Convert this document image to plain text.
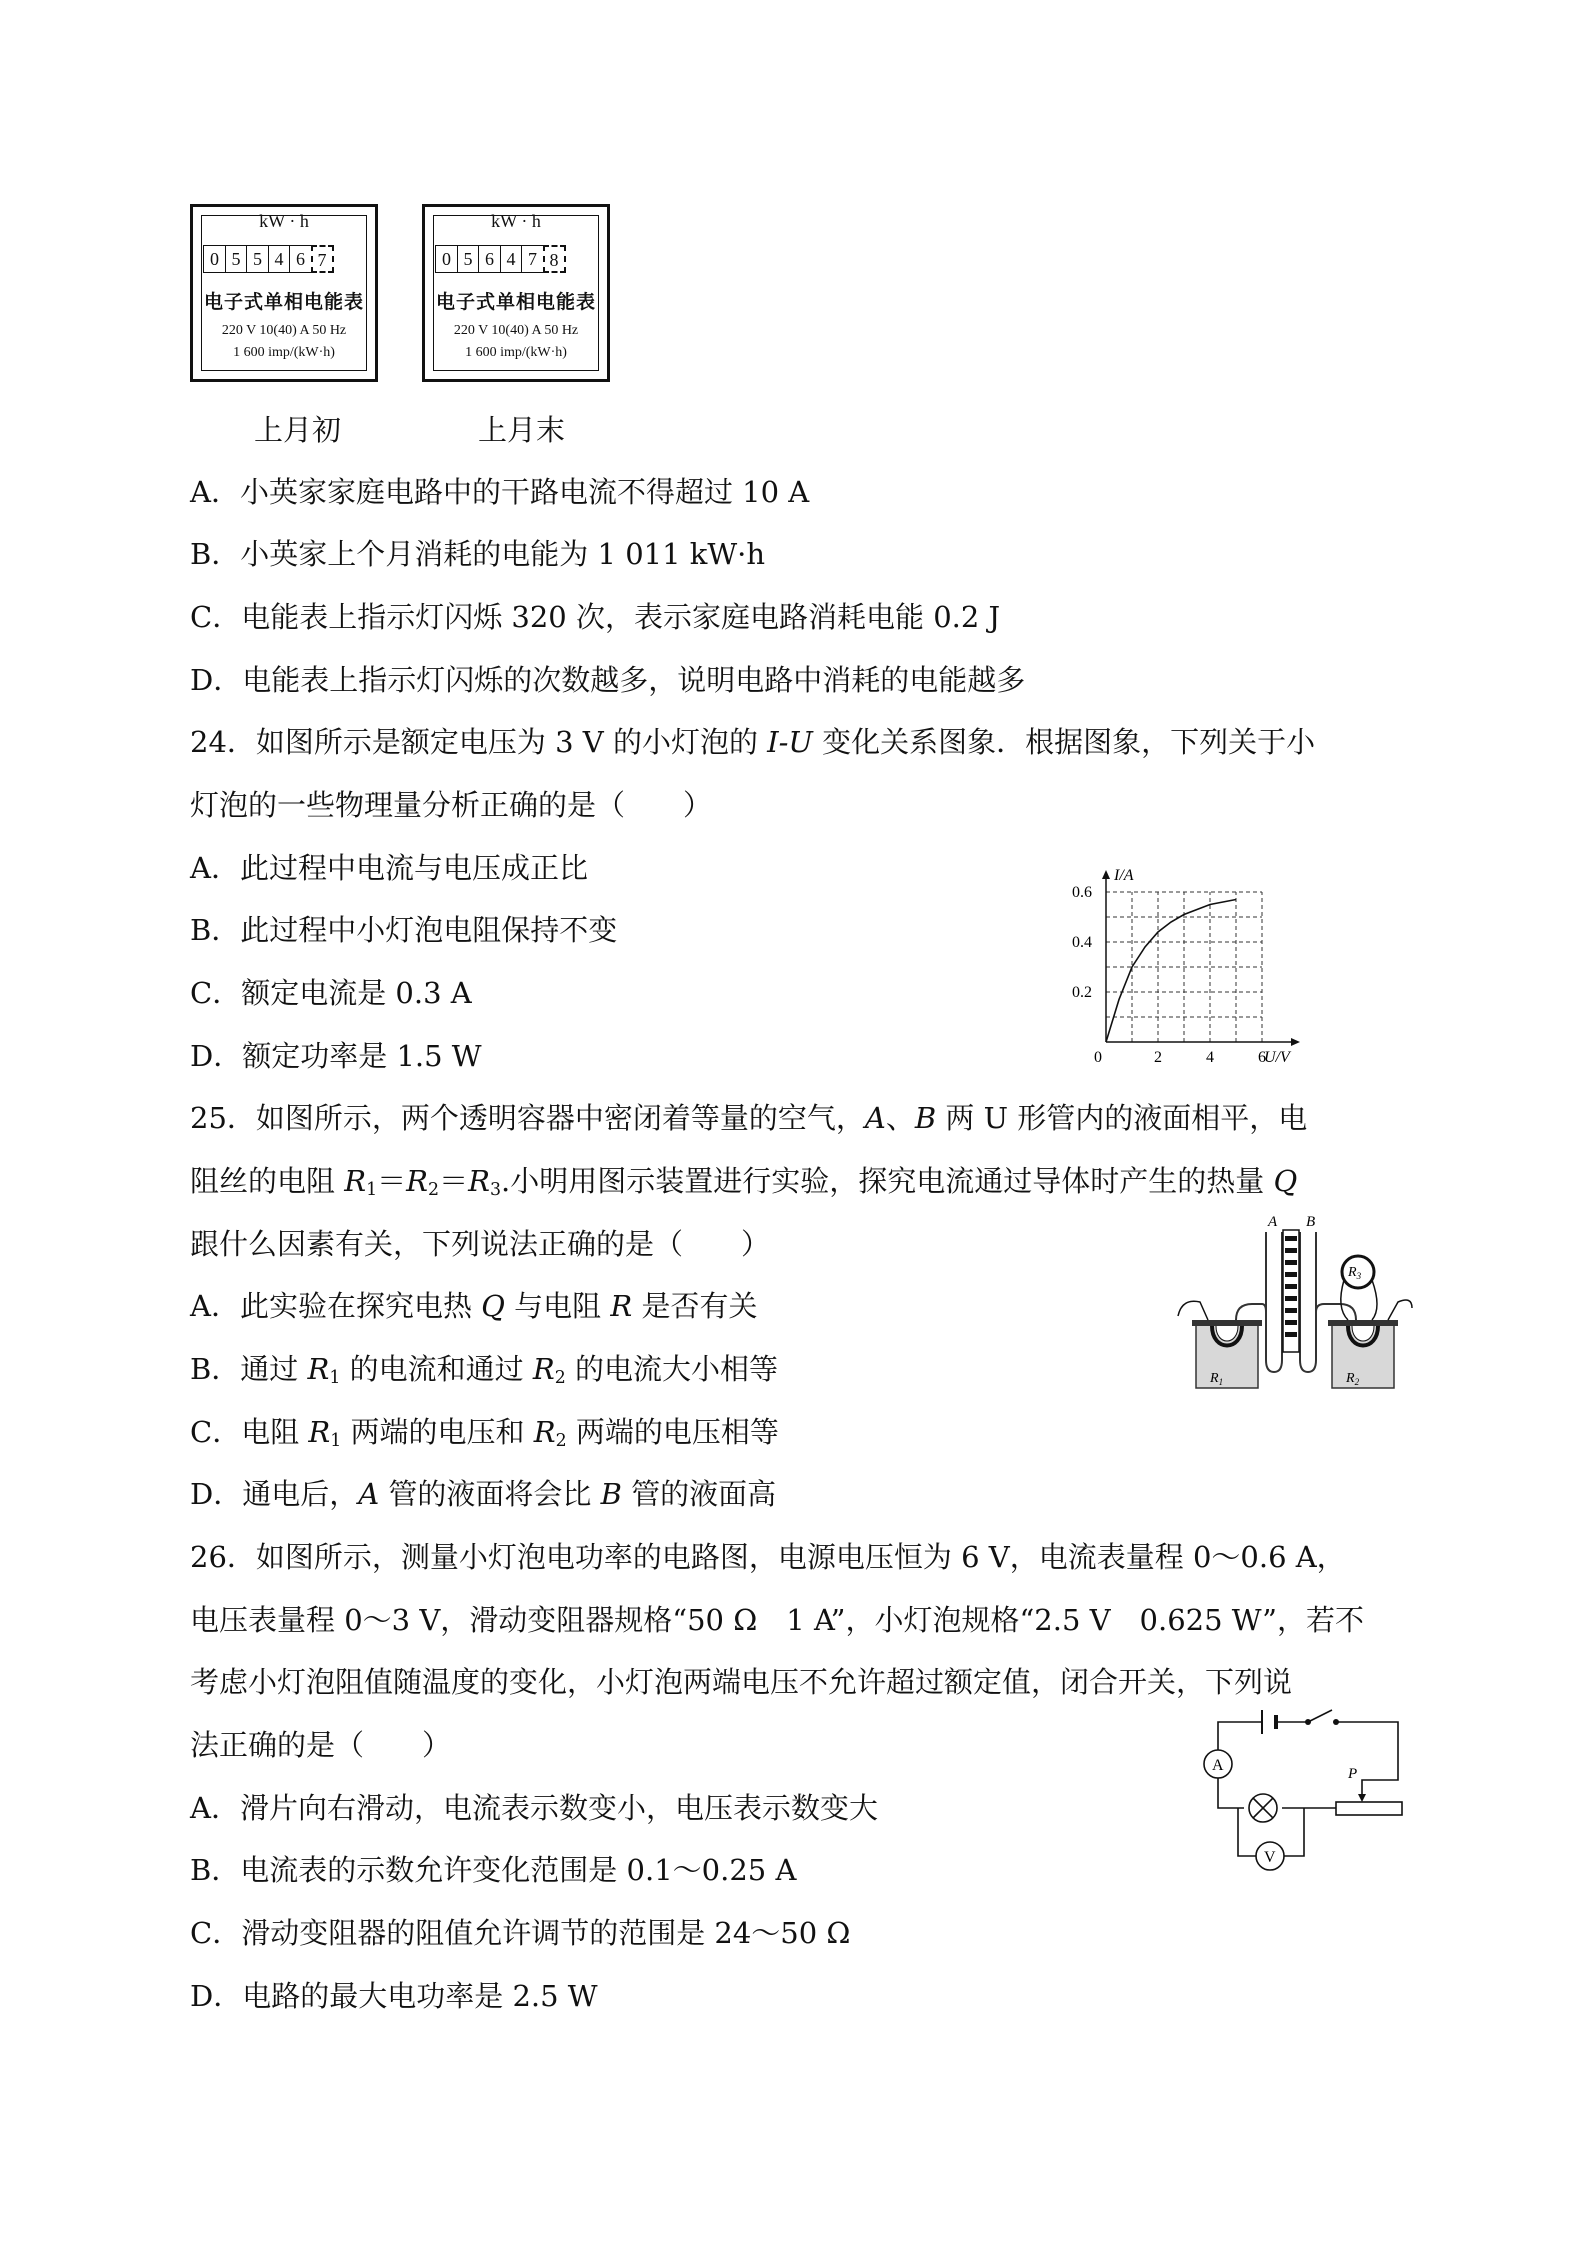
kW · h
0 5 5 4 6 7
电子式单相电能表
220 V 10(40) A 50 Hz
1 600 imp/(kW·h)
kW · h
0 5 6 4 7 8
电子式单相电能表
220 V 10(40) A 50 Hz
1 600 imp/(kW·h)
上月初	上月末
A．小英家家庭电路中的干路电流不得超过 10 A
B．小英家上个月消耗的电能为 1 011 kW·h
C．电能表上指示灯闪烁 320 次，表示家庭电路消耗电能 0.2 J
D．电能表上指示灯闪烁的次数越多，说明电路中消耗的电能越多
24．如图所示是额定电压为 3 V 的小灯泡的 I-U 变化关系图象．根据图象，下列关于小
灯泡的一些物理量分析正确的是（　　）
A．此过程中电流与电压成正比
B．此过程中小灯泡电阻保持不变
C．额定电流是 0.3 A
D．额定功率是 1.5 W	0	2	4	6
0.2
0.4
0.6
I/A
U/V
25．如图所示，两个透明容器中密闭着等量的空气，A、B 两 U 形管内的液面相平，电
阻丝的电阻 $R_1=R_2=R_3$.小明用图示装置进行实验，探究电流通过导体时产生的热量 Q
跟什么因素有关，下列说法正确的是（　　）
A．此实验在探究电热 Q 与电阻 R 是否有关
B．通过 $R_1$ 的电流和通过 $R_2$ 的电流大小相等
C．电阻 $R_1$ 两端的电压和 $R_2$ 两端的电压相等
D．通电后，A 管的液面将会比 B 管的液面高
A B
$R_3$
$R_1$	$R_2$
26．如图所示，测量小灯泡电功率的电路图，电源电压恒为 6 V，电流表量程 0～0.6 A，
电压表量程 0～3 V，滑动变阻器规格“50 Ω　1 A”，小灯泡规格“2.5 V　0.625 W”，若不
考虑小灯泡阻值随温度的变化，小灯泡两端电压不允许超过额定值，闭合开关，下列说
法正确的是（　　）
A．滑片向右滑动，电流表示数变小，电压表示数变大
B．电流表的示数允许变化范围是 0.1～0.25 A
C．滑动变阻器的阻值允许调节的范围是 24～50 Ω
D．电路的最大电功率是 2.5 W
A	P
V
